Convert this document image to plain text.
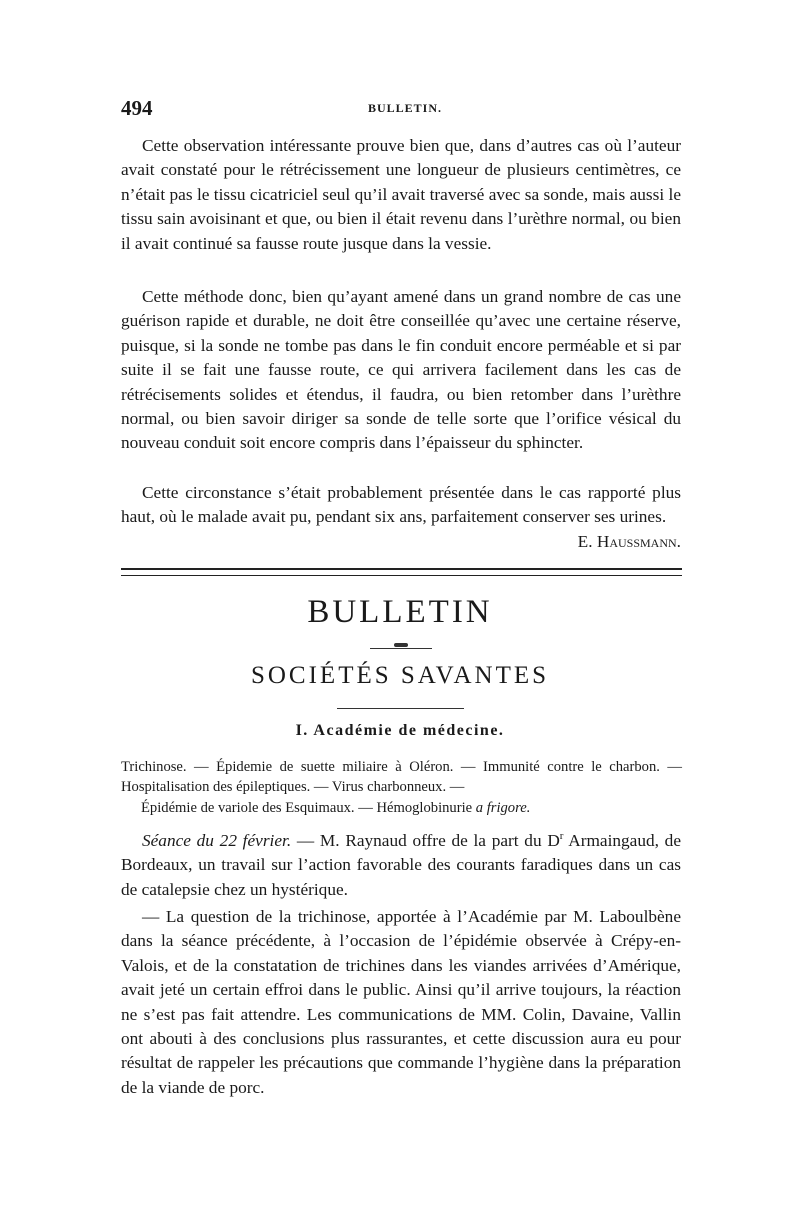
494	BULLETIN.

Cette observation intéressante prouve bien que, dans d’autres cas où l’auteur avait constaté pour le rétrécissement une longueur de plusieurs centimètres, ce n’était pas le tissu cicatriciel seul qu’il avait traversé avec sa sonde, mais aussi le tissu sain avoisinant et que, ou bien il était revenu dans l’urèthre normal, ou bien il avait continué sa fausse route jusque dans la vessie.

Cette méthode donc, bien qu’ayant amené dans un grand nombre de cas une guérison rapide et durable, ne doit être conseillée qu’avec une certaine réserve, puisque, si la sonde ne tombe pas dans le fin conduit encore perméable et si par suite il se fait une fausse route, ce qui arrivera facilement dans les cas de rétrécisements solides et étendus, il faudra, ou bien retomber dans l’urèthre normal, ou bien savoir diriger sa sonde de telle sorte que l’orifice vésical du nouveau conduit soit encore compris dans l’épaisseur du sphincter.

Cette circonstance s’était probablement présentée dans le cas rapporté plus haut, où le malade avait pu, pendant six ans, parfaitement conserver ses urines.
E. Haussmann.

BULLETIN
SOCIÉTÉS SAVANTES
I. Académie de médecine.
Trichinose. — Épidemie de suette miliaire à Oléron. — Immunité contre le charbon. — Hospitalisation des épileptiques. — Virus charbonneux. —
Épidémie de variole des Esquimaux. — Hémoglobinurie a frigore.

Séance du 22 février. — M. Raynaud offre de la part du $D^r$ Armaingaud, de Bordeaux, un travail sur l’action favorable des courants faradiques dans un cas de catalepsie chez un hystérique.

— La question de la trichinose, apportée à l’Académie par M. Laboulbène dans la séance précédente, à l’occasion de l’épidémie observée à Crépy-en-Valois, et de la constatation de trichines dans les viandes arrivées d’Amérique, avait jeté un certain effroi dans le public. Ainsi qu’il arrive toujours, la réaction ne s’est pas fait attendre. Les communications de MM. Colin, Davaine, Vallin ont abouti à des conclusions plus rassurantes, et cette discussion aura eu pour résultat de rappeler les précautions que commande l’hygiène dans la préparation de la viande de porc.
